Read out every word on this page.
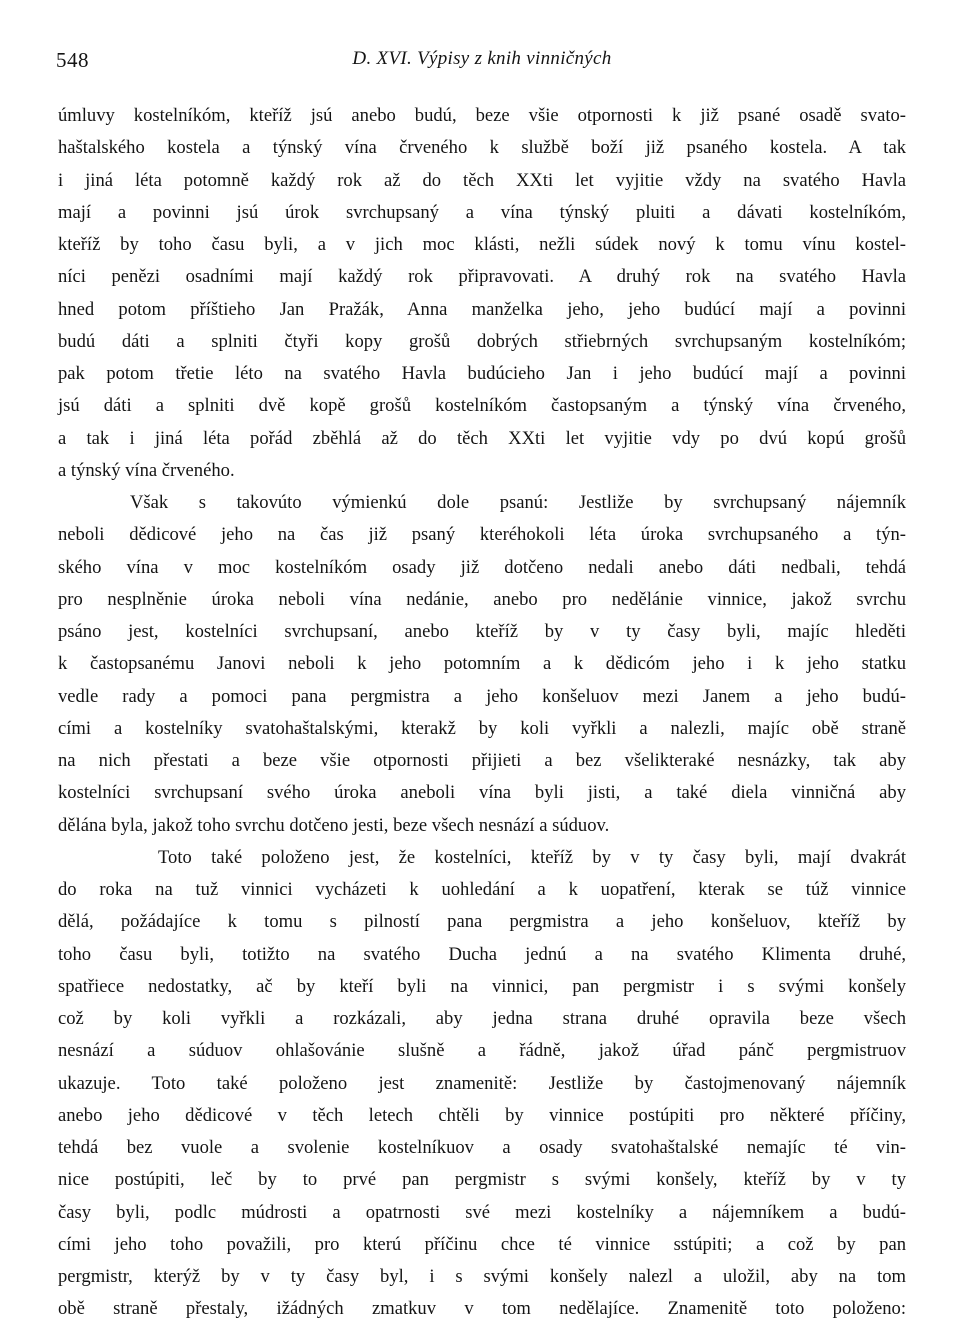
548	D. XVI. Výpisy z knih vinničných
úmluvy kostelníkóm, kteříž jsú anebo budú, beze všie otpornosti k již psané osadě svato-
haštalského kostela a týnský vína črveného k službě boží již psaného kostela. A tak
i jiná léta potomně každý rok až do těch XXti let vyjitie vždy na svatého Havla
mají a povinni jsú úrok svrchupsaný a vína týnský pluiti a dávati kostelníkóm,
kteříž by toho času byli, a v jich moc klásti, nežli súdek nový k tomu vínu kostel-
níci penězi osadními mají každý rok připravovati. A druhý rok na svatého Havla
hned potom příštieho Jan Pražák, Anna manželka jeho, jeho budúcí mají a povinni
budú dáti a splniti čtyři kopy grošů dobrých střiebrných svrchupsaným kostelníkóm;
pak potom třetie léto na svatého Havla budúcieho Jan i jeho budúcí mají a povinni
jsú dáti a splniti dvě kopě grošů kostelníkóm častopsaným a týnský vína črveného,
a tak i jiná léta pořád zběhlá až do těch XXti let vyjitie vdy po dvú kopú grošů
a týnský vína črveného.
Však s takovúto výmienkú dole psanú: Jestliže by svrchupsaný nájemník
neboli dědicové jeho na čas již psaný kteréhokoli léta úroka svrchupsaného a týn-
ského vína v moc kostelníkóm osady již dotčeno nedali anebo dáti nedbali, tehdá
pro nesplněnie úroka neboli vína nedánie, anebo pro nedělánie vinnice, jakož svrchu
psáno jest, kostelníci svrchupsaní, anebo kteříž by v ty časy byli, majíc hleděti
k častopsanému Janovi neboli k jeho potomním a k dědicóm jeho i k jeho statku
vedle rady a pomoci pana pergmistra a jeho konšeluov mezi Janem a jeho budú-
cími a kostelníky svatohaštalskými, kterakž by koli vyřkli a nalezli, majíc obě straně
na nich přestati a beze všie otpornosti přijieti a bez všelikteraké nesnázky, tak aby
kostelníci svrchupsaní svého úroka aneboli vína byli jisti, a také diela vinničná aby
dělána byla, jakož toho svrchu dotčeno jesti, beze všech nesnází a súduov.
Toto také položeno jest, že kostelníci, kteříž by v ty časy byli, mají dvakrát
do roka na tuž vinnici vycházeti k uohledání a k uopatření, kterak se túž vinnice
dělá, požádajíce k tomu s pilností pana pergmistra a jeho konšeluov, kteříž by
toho času byli, totižto na svatého Ducha jednú a na svatého Klimenta druhé,
spatřiece nedostatky, ač by kteří byli na vinnici, pan pergmistr i s svými konšely
což by koli vyřkli a rozkázali, aby jedna strana druhé opravila beze všech
nesnází a súduov ohlašovánie slušně a řádně, jakož úřad pánč pergmistruov
ukazuje. Toto také položeno jest znamenitě: Jestliže by častojmenovaný nájemník
anebo jeho dědicové v těch letech chtěli by vinnice postúpiti pro některé příčiny,
tehdá bez vuole a svolenie kostelníkuov a osady svatohaštalské nemajíc té vin-
nice postúpiti, leč by to prvé pan pergmistr s svými konšely, kteříž by v ty
časy byli, podlc múdrosti a opatrnosti své mezi kostelníky a nájemníkem a budú-
cími jeho toho považili, pro kterú příčinu chce té vinnice sstúpiti; a což by pan
pergmistr, kterýž by v ty časy byl, i s svými konšely nalezl a uložil, aby na tom
obě straně přestaly, ižádných zmatkuv v tom nedělajíce. Znamenitě toto položeno:
